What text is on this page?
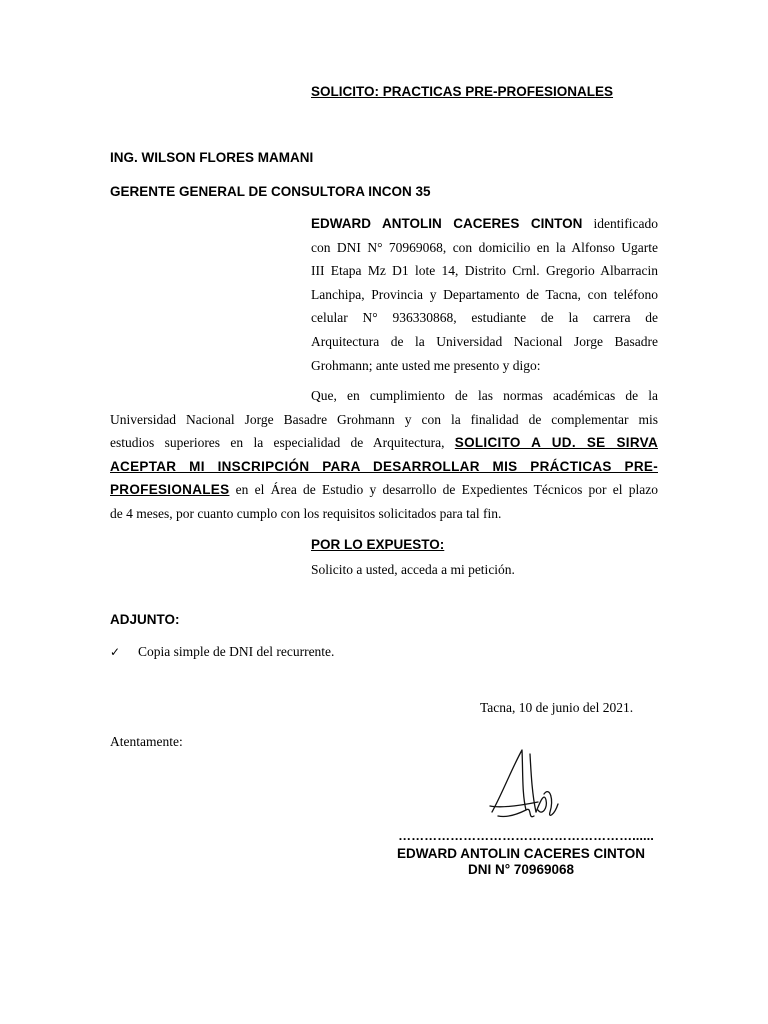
SOLICITO: PRACTICAS PRE-PROFESIONALES
ING. WILSON FLORES MAMANI
GERENTE GENERAL DE CONSULTORA INCON 35
EDWARD ANTOLIN CACERES CINTON identificado
con DNI N° 70969068, con domicilio en la Alfonso Ugarte
III Etapa Mz D1 lote 14, Distrito Crnl. Gregorio Albarracin
Lanchipa, Provincia y Departamento de Tacna, con teléfono
celular N° 936330868, estudiante de la carrera de
Arquitectura de la Universidad Nacional Jorge Basadre
Grohmann; ante usted me presento y digo:
Que, en cumplimiento de las normas académicas de la
Universidad Nacional Jorge Basadre Grohmann y con la finalidad de complementar mis
estudios superiores en la especialidad de Arquitectura, SOLICITO A UD. SE SIRVA
ACEPTAR MI INSCRIPCIÓN PARA DESARROLLAR MIS PRÁCTICAS PRE-
PROFESIONALES en el Área de Estudio y desarrollo de Expedientes Técnicos por el plazo
de 4 meses, por cuanto cumplo con los requisitos solicitados para tal fin.
POR LO EXPUESTO:
Solicito a usted, acceda a mi petición.
ADJUNTO:
✓ Copia simple de DNI del recurrente.
Tacna, 10 de junio del 2021.
Atentamente:
………………………………………………......
EDWARD ANTOLIN CACERES CINTON
DNI N° 70969068
